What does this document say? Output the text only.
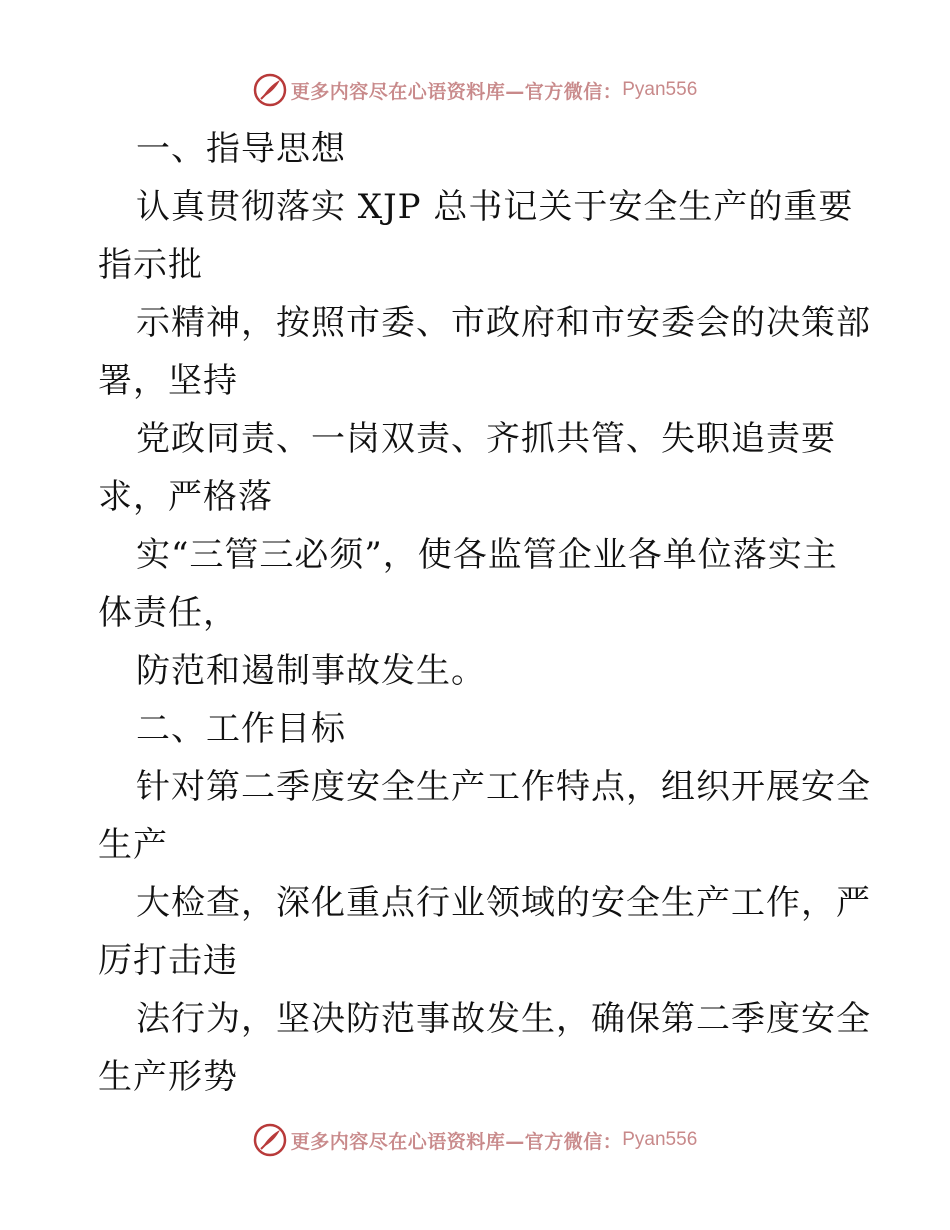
更多内容尽在心语资料库—官方微信： Pyan556
一、指导思想
认真贯彻落实 XJP 总书记关于安全生产的重要
指示批
示精神，按照市委、市政府和市安委会的决策部
署，坚持
党政同责、一岗双责、齐抓共管、失职追责要
求，严格落
实“三管三必须”，使各监管企业各单位落实主
体责任，
防范和遏制事故发生。
二、工作目标
针对第二季度安全生产工作特点，组织开展安全
生产
大检查，深化重点行业领域的安全生产工作，严
厉打击违
法行为，坚决防范事故发生，确保第二季度安全
生产形势
更多内容尽在心语资料库—官方微信： Pyan556
